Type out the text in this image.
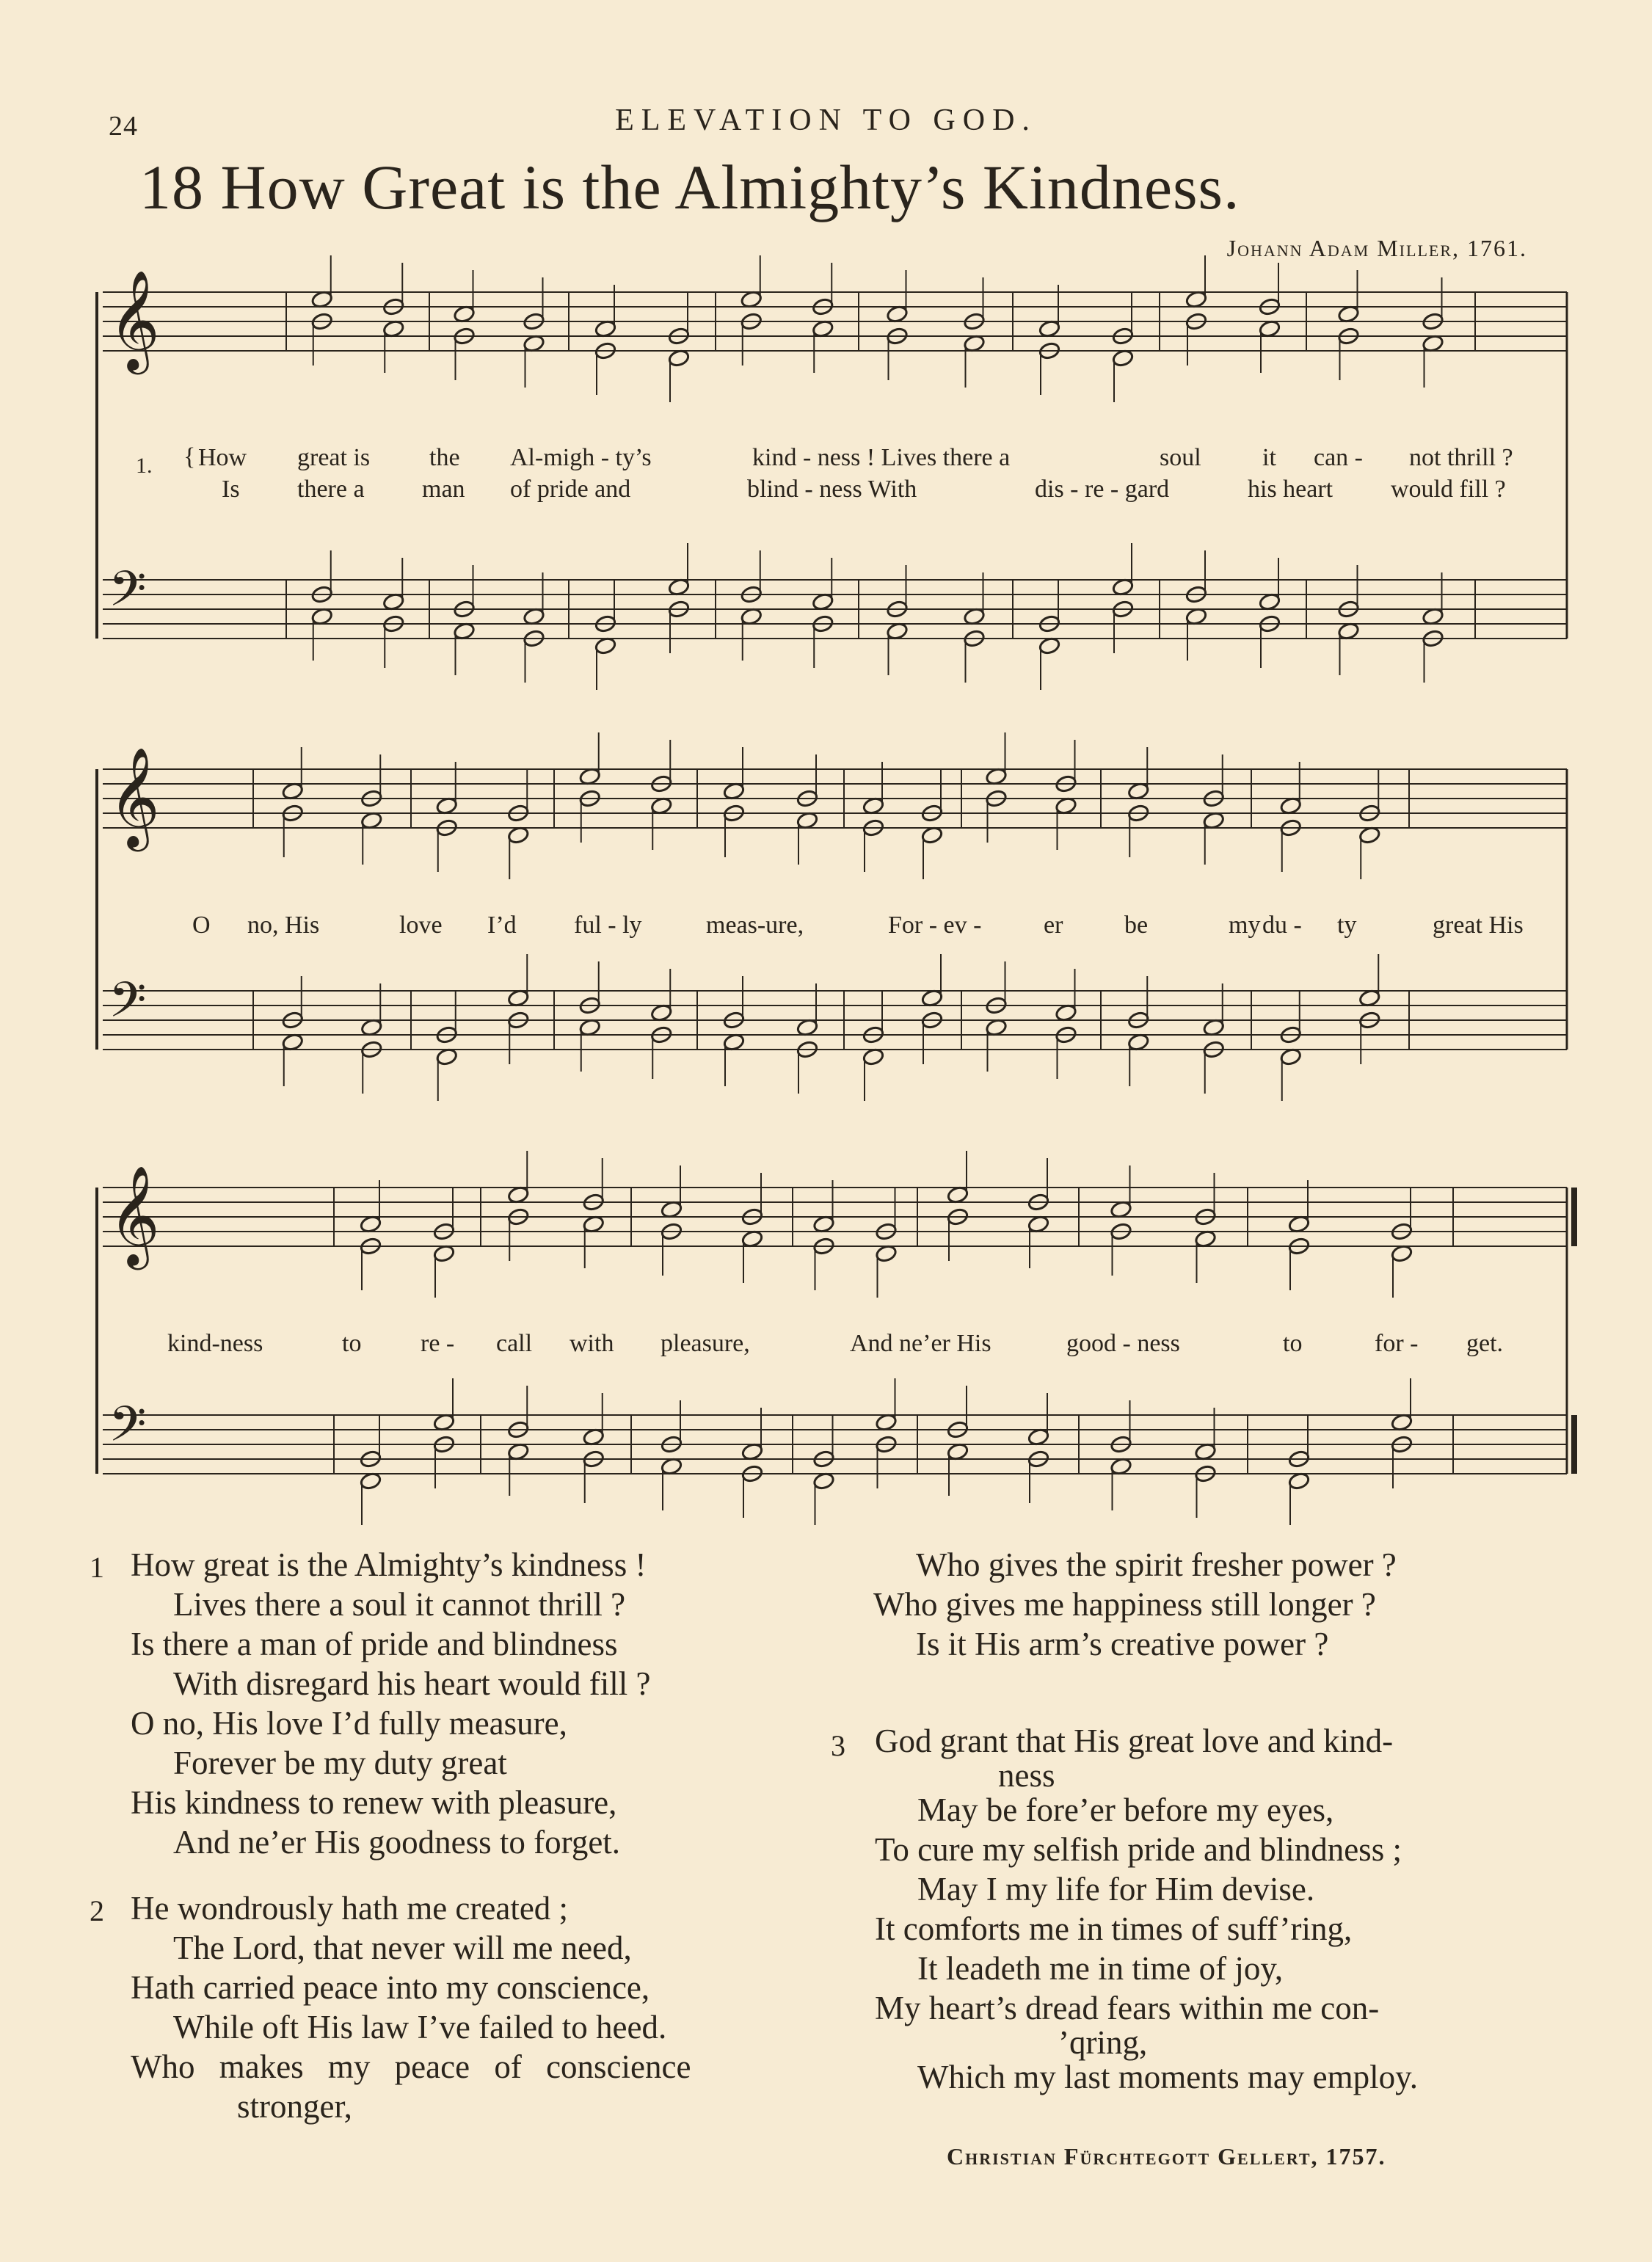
24	ELEVATION TO GOD.
18 How Great is the Almighty’s Kindness.
Johann Adam Miller, 1761.
𝄞
𝄢
𝄞
𝄢
𝄞
𝄢
1. { How great is the Al-migh - ty’s	kind - ness ! Lives there a	soul it can - not thrill ?
Is there a man of pride and	blind - ness With	dis - re - gard	his heart would fill ?
O no, His	love I’d ful - ly	meas-ure,	For - ev - er be	my du - ty	great His
kind-ness	to re - call with pleasure,	And ne’er His	good - ness	to	for - get.
1 How great is the Almighty’s kindness !
Lives there a soul it cannot thrill ?
Is there a man of pride and blindness
With disregard his heart would fill ?
O no, His love I’d fully measure,
Forever be my duty great
His kindness to renew with pleasure,
And ne’er His goodness to forget.
2 He wondrously hath me created ;
The Lord, that never will me need,
Hath carried peace into my conscience,
While oft His law I’ve failed to heed.
Who makes my peace of conscience
stronger,
Who gives the spirit fresher power ?
Who gives me happiness still longer ?
Is it His arm’s creative power ?
3 God grant that His great love and kind-
ness
May be fore’er before my eyes,
To cure my selfish pride and blindness ;
May I my life for Him devise.
It comforts me in times of suff’ring,
It leadeth me in time of joy,
My heart’s dread fears within me con-
’qring,
Which my last moments may employ.
Christian Fürchtegott Gellert, 1757.
